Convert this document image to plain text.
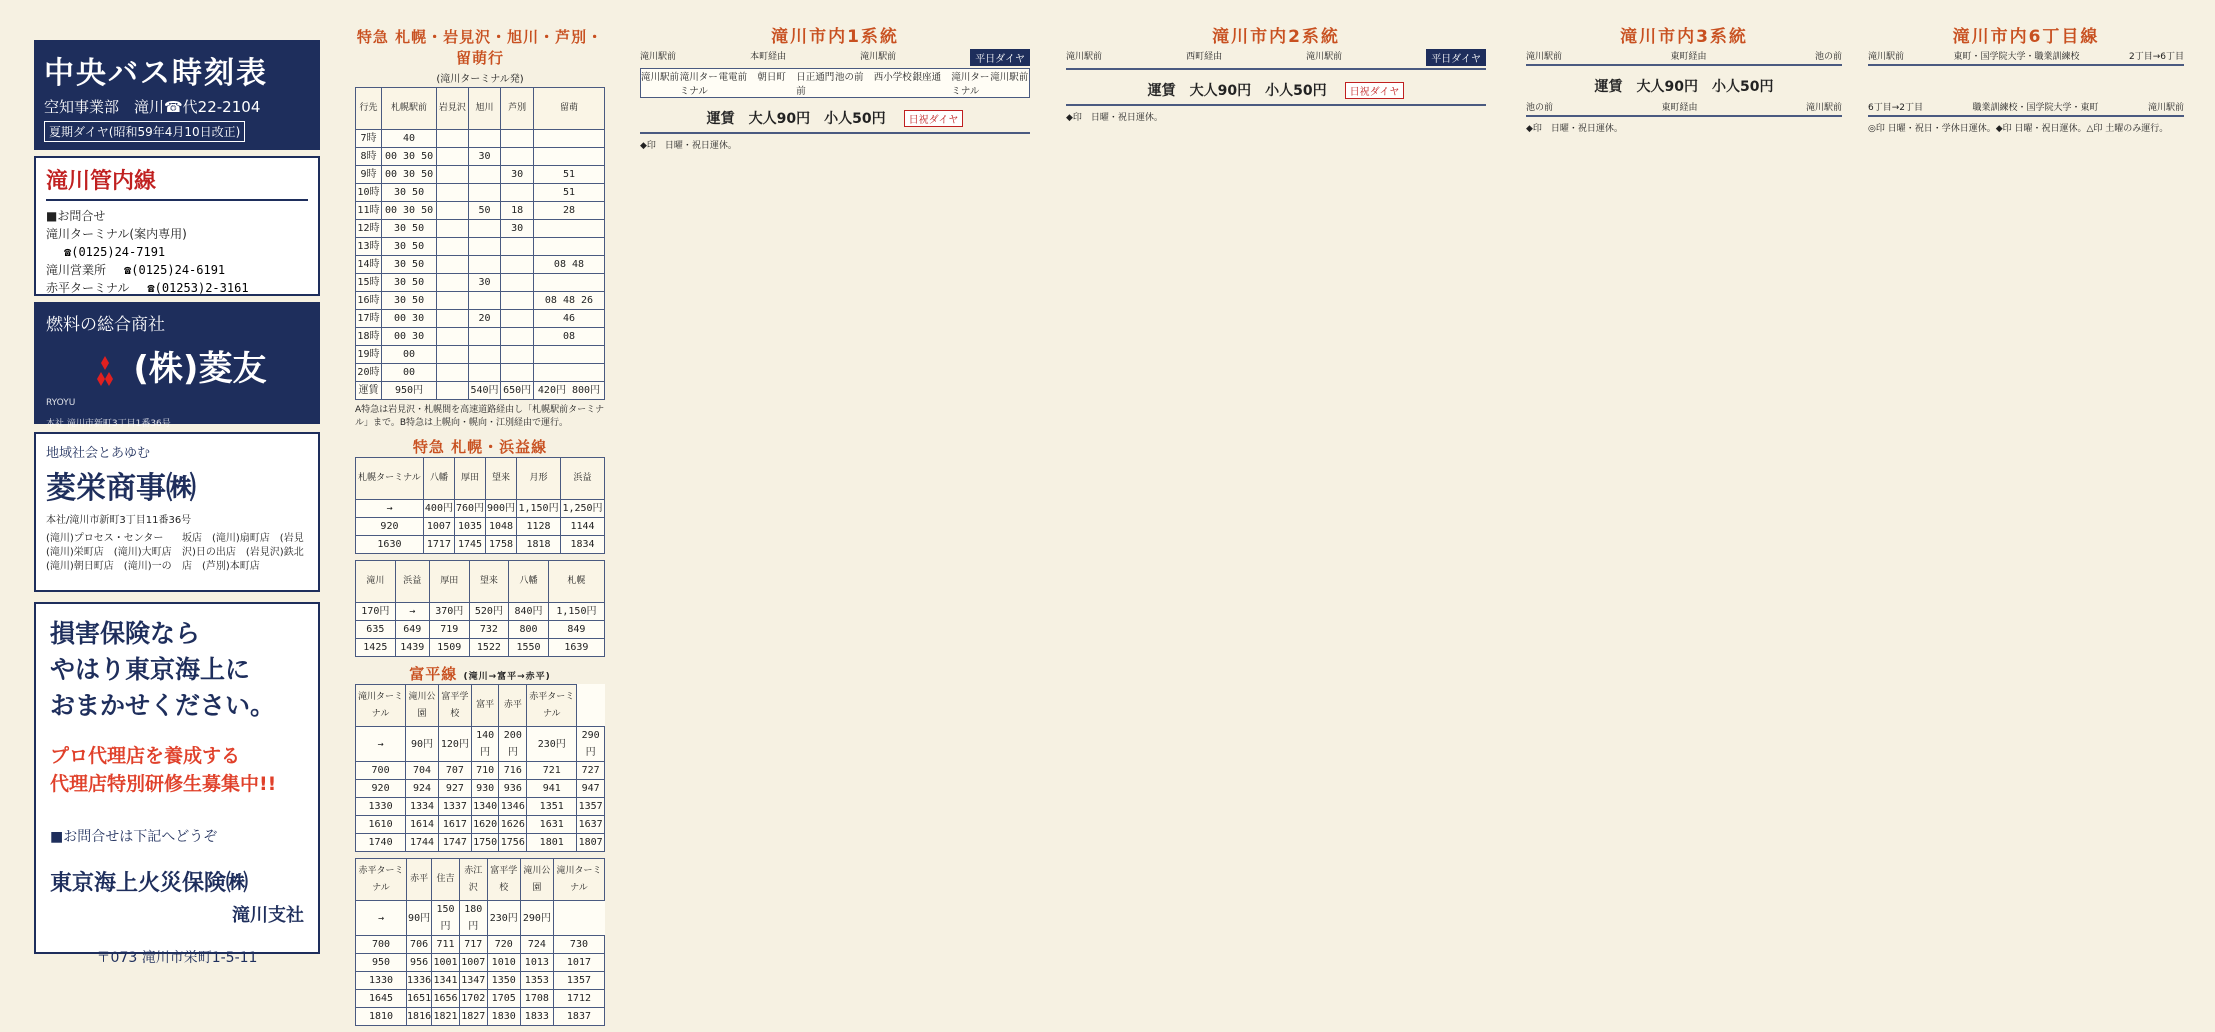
中央バス時刻表
空知事業部　滝川☎代22-2104
夏期ダイヤ(昭和59年4月10日改正)
滝川管内線
■お問合せ
滝川ターミナル(案内専用)
☎(0125)24-7191
滝川営業所 ☎(0125)24-6191
赤平ターミナル ☎(01253)2-3161
燃料の総合商社
(株)菱友
RYOYU
本社 滝川市新町3丁目1番36号
地域社会とあゆむ
菱栄商事㈱
本社/滝川市新町3丁目11番36号
(滝川)プロセス・センター　(滝川)栄町店　(滝川)大町店　(滝川)朝日町店　(滝川)一の坂店　(滝川)扇町店　(岩見沢)日の出店　(岩見沢)鉄北店　(芦別)本町店
損害保険なら
やはり東京海上に
おまかせください。
プロ代理店を養成する
代理店特別研修生募集中!!
■お問合せは下記へどうぞ
東京海上火災保険㈱
滝川支社
〒073 滝川市栄町1-5-11
特急 札幌・岩見沢・旭川・芦別・留萌行
(滝川ターミナル発)
行先	札幌駅前	岩見沢	旭川	芦別	留萌
7時	40				
8時	00 30 50		30		
9時	00 30 50			30	51
10時	30 50				51
11時	00 30 50		50	18	28
12時	30 50			30	
13時	30 50				
14時	30 50				08 48
15時	30 50		30		
16時	30 50				08 48 26
17時	00 30		20		46
18時	00 30				08
19時	00				
20時	00				
運賃	950円		540円	650円	420円 800円
A特急は岩見沢・札幌間を高速道路経由し「札幌駅前ターミナル」まで。B特急は上幌向・幌向・江別経由で運行。
特急 札幌・浜益線
札幌ターミナル	八幡	厚田	望来	月形	浜益
→	400円	760円	900円	1,150円	1,250円
920	1007	1035	1048	1128	1144
1630	1717	1745	1758	1818	1834
滝川	浜益	厚田	望来	八幡	札幌
170円	→	370円	520円	840円	1,150円
635	649	719	732	800	849
1425	1439	1509	1522	1550	1639
富平線 (滝川→富平→赤平)
滝川ターミナル	滝川公園	富平学校	富平	赤平	赤平ターミナル	
→	90円	120円	140円	200円	230円	290円
700	704	707	710	716	721	727
920	924	927	930	936	941	947
1330	1334	1337	1340	1346	1351	1357
1610	1614	1617	1620	1626	1631	1637
1740	1744	1747	1750	1756	1801	1807
赤平ターミナル	赤平	住吉	赤江沢	富平学校	滝川公園	滝川ターミナル
→	90円	150円	180円	230円	290円	
700	706	711	717	720	724	730
950	956	1001	1007	1010	1013	1017
1330	1336	1341	1347	1350	1353	1357
1645	1651	1656	1702	1705	1708	1712
1810	1816	1821	1827	1830	1833	1837
滝川市内1系統
滝川駅前	本町経由	滝川駅前	平日ダイヤ
滝川駅前 滝川ターミナル
電電前	朝日町	日正通門前
池の前	西小学校 銀座通	滝川ターミナル
滝川駅前
運賃　大人90円　小人50円 日祝ダイヤ
◆印　日曜・祝日運休。
滝川市内2系統
滝川駅前	西町経由	滝川駅前	平日ダイヤ
運賃　大人90円　小人50円 日祝ダイヤ
◆印　日曜・祝日運休。
滝川市内3系統
滝川駅前	東町経由	池の前
運賃　大人90円　小人50円
池の前	東町経由	滝川駅前
◆印　日曜・祝日運休。
滝川市内6丁目線
滝川駅前	東町・国学院大学・職業訓練校	2丁目→6丁目
6丁目→2丁目	職業訓練校・国学院大学・東町	滝川駅前
◎印 日曜・祝日・学休日運休。◆印 日曜・祝日運休。△印 土曜のみ運行。
